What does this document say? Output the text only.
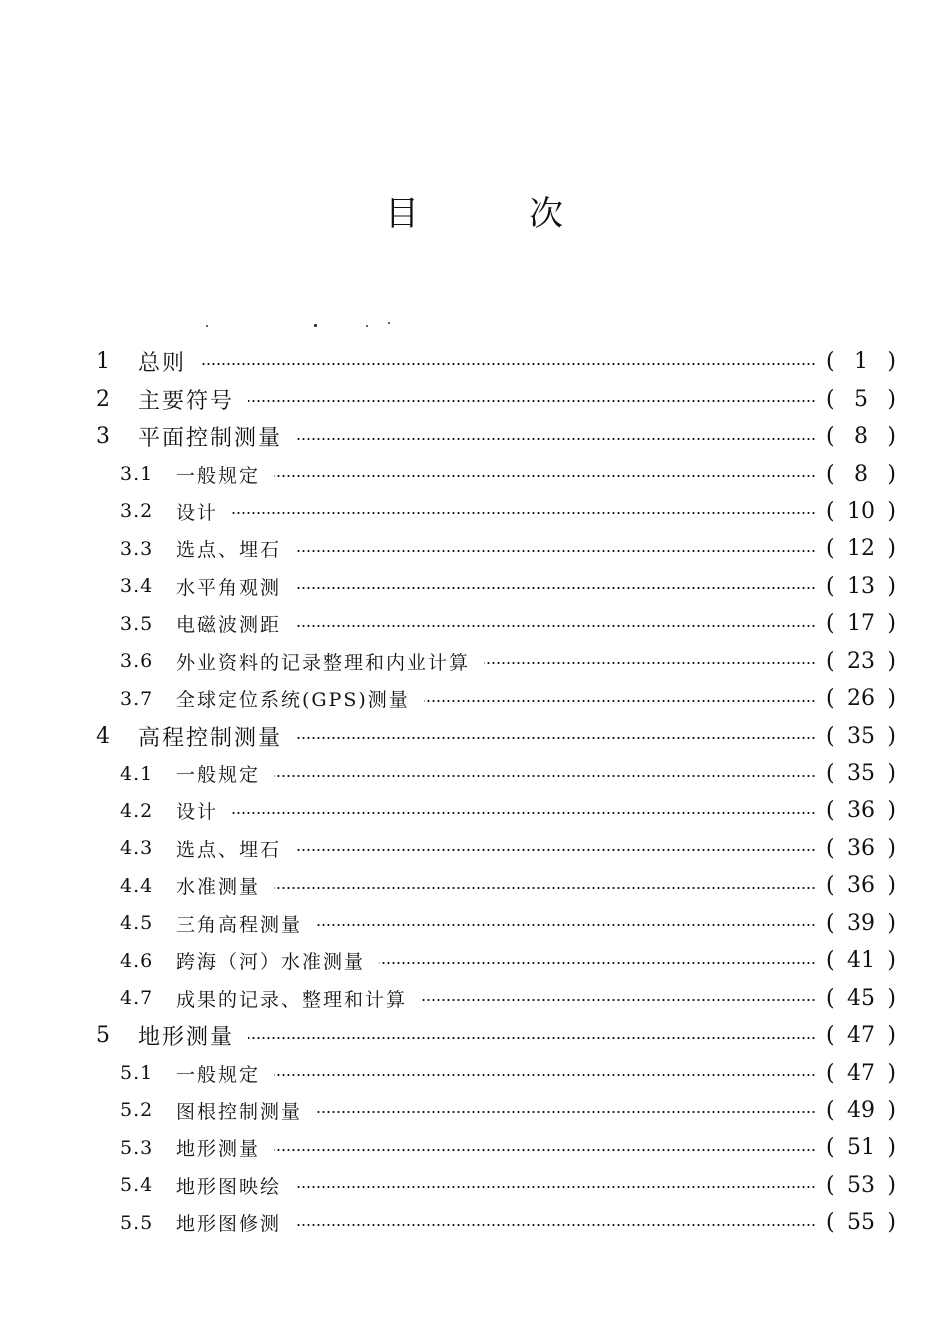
目	次
1 总则	( 1 )
2 主要符号	( 5 )
3 平面控制测量	( 8 )
3.1 一般规定	( 8 )
3.2 设计	( 10 )
3.3 选点、埋石	( 12 )
3.4 水平角观测	( 13 )
3.5 电磁波测距	( 17 )
3.6 外业资料的记录整理和内业计算	( 23 )
3.7 全球定位系统(GPS)测量	( 26 )
4 高程控制测量	( 35 )
4.1 一般规定	( 35 )
4.2 设计	( 36 )
4.3 选点、埋石	( 36 )
4.4 水准测量	( 36 )
4.5 三角高程测量	( 39 )
4.6 跨海（河）水准测量	( 41 )
4.7 成果的记录、整理和计算	( 45 )
5 地形测量	( 47 )
5.1 一般规定	( 47 )
5.2 图根控制测量	( 49 )
5.3 地形测量	( 51 )
5.4 地形图映绘	( 53 )
5.5 地形图修测	( 55 )
